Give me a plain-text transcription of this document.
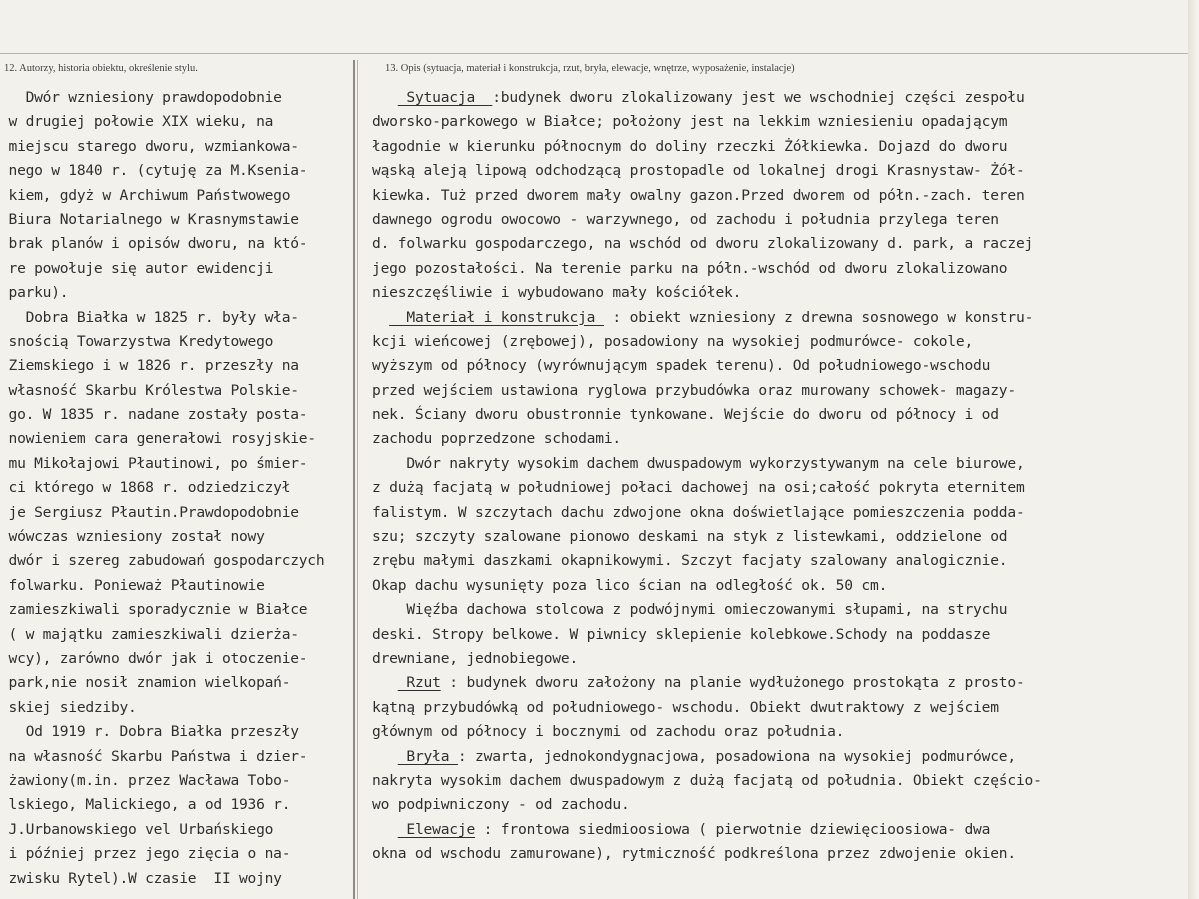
12. Autorzy, historia obiektu, określenie stylu.	13. Opis (sytuacja, materiał i konstrukcja, rzut, bryła, elewacje, wnętrze, wyposażenie, instalacje)
Dwór wzniesiony prawdopodobnie
w drugiej połowie XIX wieku, na
miejscu starego dworu, wzmiankowa-
nego w 1840 r. (cytuję za M.Ksenia-
kiem, gdyż w Archiwum Państwowego
Biura Notarialnego w Krasnymstawie
brak planów i opisów dworu, na któ-
re powołuje się autor ewidencji
parku).
Dobra Białka w 1825 r. były wła-
snością Towarzystwa Kredytowego
Ziemskiego i w 1826 r. przeszły na
własność Skarbu Królestwa Polskie-
go. W 1835 r. nadane zostały posta-
nowieniem cara generałowi rosyjskie-
mu Mikołajowi Płautinowi, po śmier-
ci którego w 1868 r. odziedziczył
je Sergiusz Płautin.Prawdopodobnie
wówczas wzniesiony został nowy
dwór i szereg zabudowań gospodarczych
folwarku. Ponieważ Płautinowie
zamieszkiwali sporadycznie w Białce
( w majątku zamieszkiwali dzierża-
wcy), zarówno dwór jak i otoczenie-
park,nie nosił znamion wielkopań-
skiej siedziby.
Od 1919 r. Dobra Białka przeszły
na własność Skarbu Państwa i dzier-
żawiony(m.in. przez Wacława Tobo-
lskiego, Malickiego, a od 1936 r.
J.Urbanowskiego vel Urbańskiego
i później przez jego zięcia o na-
zwisku Rytel).W czasie  II wojny
_Sytuacja _:budynek dworu zlokalizowany jest we wschodniej części zespołu
dworsko-parkowego w Białce; położony jest na lekkim wzniesieniu opadającym
łagodnie w kierunku północnym do doliny rzeczki Żółkiewka. Dojazd do dworu
wąską aleją lipową odchodzącą prostopadle od lokalnej drogi Krasnystaw- Żół-
kiewka. Tuż przed dworem mały owalny gazon.Przed dworem od półn.-zach. teren
dawnego ogrodu owocowo - warzywnego, od zachodu i południa przylega teren
d. folwarku gospodarczego, na wschód od dworu zlokalizowany d. park, a raczej
jego pozostałości. Na terenie parku na półn.-wschód od dworu zlokalizowano
nieszczęśliwie i wybudowano mały kościółek.
_ Materiał i konstrukcja_ : obiekt wzniesiony z drewna sosnowego w konstru-
kcji wieńcowej (zrębowej), posadowiony na wysokiej podmurówce- cokole,
wyższym od północy (wyrównującym spadek terenu). Od południowego-wschodu
przed wejściem ustawiona ryglowa przybudówka oraz murowany schowek- magazy-
nek. Ściany dworu obustronnie tynkowane. Wejście do dworu od północy i od
zachodu poprzedzone schodami.
Dwór nakryty wysokim dachem dwuspadowym wykorzystywanym na cele biurowe,
z dużą facjatą w południowej połaci dachowej na osi;całość pokryta eternitem
falistym. W szczytach dachu zdwojone okna doświetlające pomieszczenia podda-
szu; szczyty szalowane pionowo deskami na styk z listewkami, oddzielone od
zrębu małymi daszkami okapnikowymi. Szczyt facjaty szalowany analogicznie.
Okap dachu wysunięty poza lico ścian na odległość ok. 50 cm.
Więźba dachowa stolcowa z podwójnymi omieczowanymi słupami, na strychu
deski. Stropy belkowe. W piwnicy sklepienie kolebkowe.Schody na poddasze
drewniane, jednobiegowe.
_Rzut : budynek dworu założony na planie wydłużonego prostokąta z prosto-
kątną przybudówką od południowego- wschodu. Obiekt dwutraktowy z wejściem
głównym od północy i bocznymi od zachodu oraz południa.
_Bryła_: zwarta, jednokondygnacjowa, posadowiona na wysokiej podmurówce,
nakryta wysokim dachem dwuspadowym z dużą facjatą od południa. Obiekt częścio-
wo podpiwniczony - od zachodu.
_Elewacje : frontowa siedmioosiowa ( pierwotnie dziewięcioosiowa- dwa
okna od wschodu zamurowane), rytmiczność podkreślona przez zdwojenie okien.
